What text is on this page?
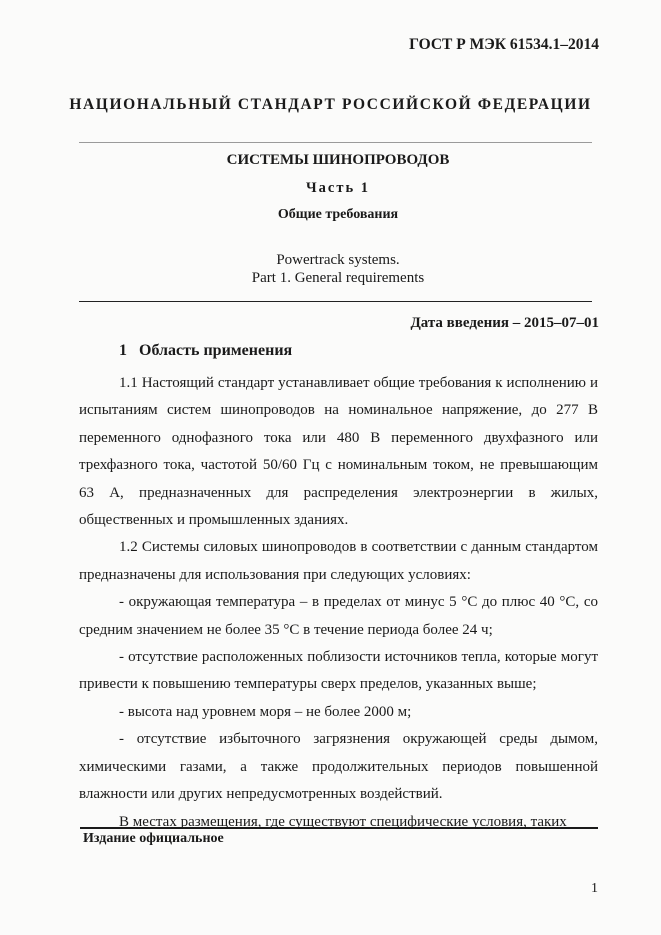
ГОСТ Р МЭК 61534.1–2014
НАЦИОНАЛЬНЫЙ СТАНДАРТ РОССИЙСКОЙ ФЕДЕРАЦИИ
СИСТЕМЫ ШИНОПРОВОДОВ
Часть 1
Общие требования
Powertrack systems.
Part 1. General requirements
Дата введения – 2015–07–01
1 Область применения

1.1 Настоящий стандарт устанавливает общие требования к исполнению и испытаниям систем шинопроводов на номинальное напряжение, до 277 В переменного однофазного тока или 480 В переменного двухфазного или трехфазного тока, частотой 50/60 Гц с номинальным током, не превышающим 63 А, предназначенных для распределения электроэнергии в жилых, общественных и промышленных зданиях.

1.2 Системы силовых шинопроводов в соответствии с данным стандартом предназначены для использования при следующих условиях:

- окружающая температура – в пределах от минус 5 °С до плюс 40 °С, со средним значением не более 35 °С в течение периода более 24 ч;

- отсутствие расположенных поблизости источников тепла, которые могут привести к повышению температуры сверх пределов, указанных выше;

- высота над уровнем моря – не более 2000 м;

- отсутствие избыточного загрязнения окружающей среды дымом, химическими газами, а также продолжительных периодов повышенной влажности или других непредусмотренных воздействий.

В местах размещения, где существуют специфические условия, таких

Издание официальное
1
